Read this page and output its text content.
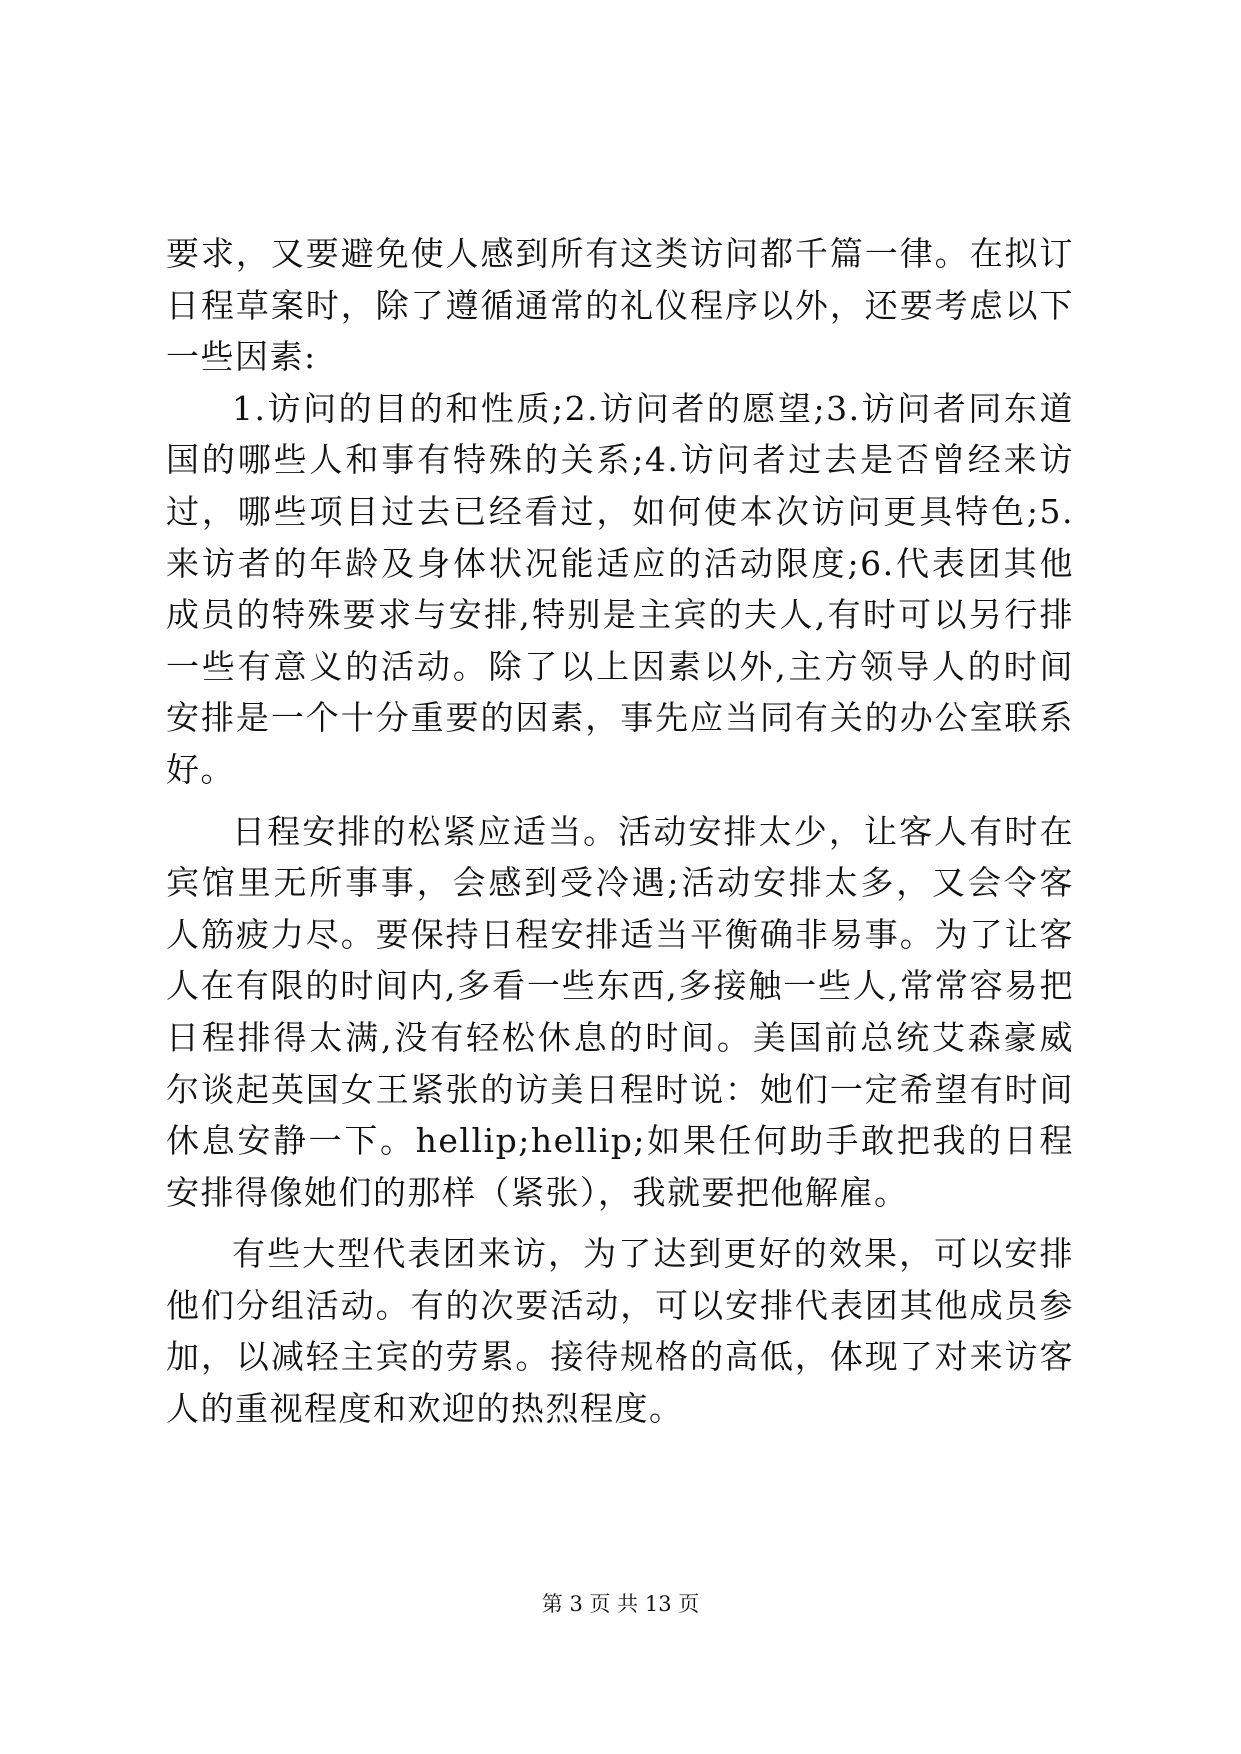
要求，又要避免使人感到所有这类访问都千篇一律。在拟订日程草案时，除了遵循通常的礼仪程序以外，还要考虑以下一些因素:

1.访问的目的和性质;2.访问者的愿望;3.访问者同东道国的哪些人和事有特殊的关系;4.访问者过去是否曾经来访过，哪些项目过去已经看过，如何使本次访问更具特色;5.来访者的年龄及身体状况能适应的活动限度;6.代表团其他成员的特殊要求与安排,特别是主宾的夫人,有时可以另行排一些有意义的活动。除了以上因素以外,主方领导人的时间安排是一个十分重要的因素，事先应当同有关的办公室联系好。

日程安排的松紧应适当。活动安排太少，让客人有时在宾馆里无所事事，会感到受冷遇;活动安排太多，又会令客人筋疲力尽。要保持日程安排适当平衡确非易事。为了让客人在有限的时间内,多看一些东西,多接触一些人,常常容易把日程排得太满,没有轻松休息的时间。美国前总统艾森豪威尔谈起英国女王紧张的访美日程时说：她们一定希望有时间休息安静一下。hellip;hellip;如果任何助手敢把我的日程安排得像她们的那样（紧张），我就要把他解雇。

有些大型代表团来访，为了达到更好的效果，可以安排他们分组活动。有的次要活动，可以安排代表团其他成员参加，以减轻主宾的劳累。接待规格的高低，体现了对来访客人的重视程度和欢迎的热烈程度。

第 3 页 共 13 页
